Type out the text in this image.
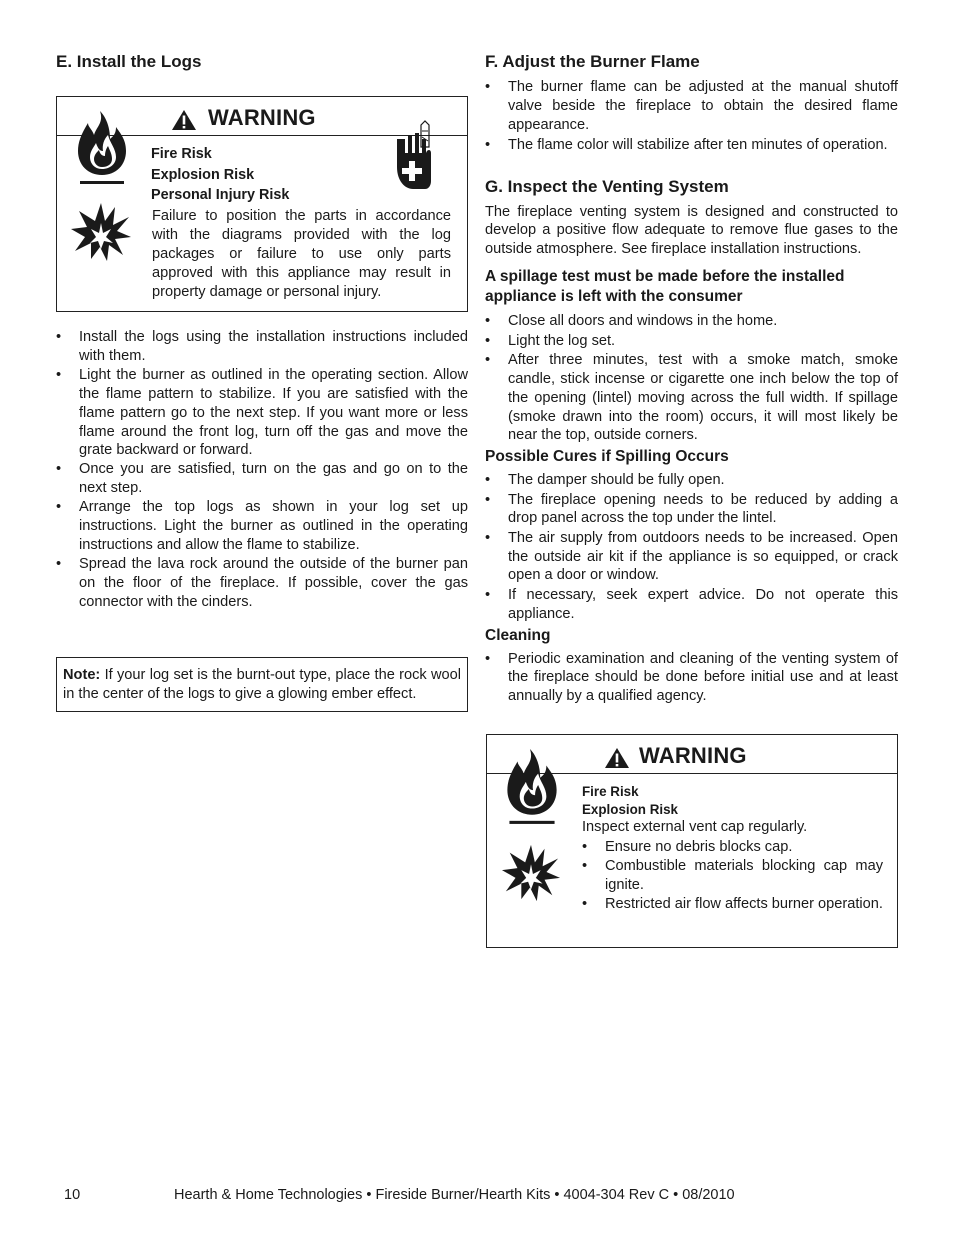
E. Install the Logs
WARNING
Fire Risk
Explosion Risk
Personal Injury Risk
Failure to position the parts in accordance with the diagrams provided with the log packages or failure to use only parts approved with this appliance may result in property damage or personal injury.
• Install the logs using the installation instructions included with them.
• Light the burner as outlined in the operating section. Allow the flame pattern to stabilize. If you are satisfied with the flame pattern go to the next step. If you want more or less flame around the front log, turn off the gas and move the grate backward or forward.
• Once you are satisfied, turn on the gas and go on to the next step.
• Arrange the top logs as shown in your log set up instructions. Light the burner as outlined in the operating instructions and allow the flame to stabilize.
• Spread the lava rock around the outside of the burner pan on the floor of the fireplace. If possible, cover the gas connector with the cinders.
Note: If your log set is the burnt-out type, place the rock wool in the center of the logs to give a glowing ember effect.
F. Adjust the Burner Flame
• The burner flame can be adjusted at the manual shutoff valve beside the fireplace to obtain the desired flame appearance.
• The flame color will stabilize after ten minutes of operation.
G. Inspect the Venting System

The fireplace venting system is designed and constructed to develop a positive flow adequate to remove flue gases to the outside atmosphere. See fireplace installation instructions.

A spillage test must be made before the installed appliance is left with the consumer
• Close all doors and windows in the home.
• Light the log set.
• After three minutes, test with a smoke match, smoke candle, stick incense or cigarette one inch below the top of the opening (lintel) moving across the full width. If spillage (smoke drawn into the room) occurs, it will most likely be near the top, outside corners.
Possible Cures if Spilling Occurs
• The damper should be fully open.
• The fireplace opening needs to be reduced by adding a drop panel across the top under the lintel.
• The air supply from outdoors needs to be increased. Open the outside air kit if the appliance is so equipped, or crack open a door or window.
• If necessary, seek expert advice. Do not operate this appliance.
Cleaning
• Periodic examination and cleaning of the venting system of the fireplace should be done before initial use and at least annually by a qualified agency.
WARNING
Fire Risk
Explosion Risk
Inspect external vent cap regularly.
• Ensure no debris blocks cap.
• Combustible materials blocking cap may ignite.
• Restricted air flow affects burner operation.
10	Hearth & Home Technologies • Fireside Burner/Hearth Kits • 4004-304 Rev C • 08/2010
